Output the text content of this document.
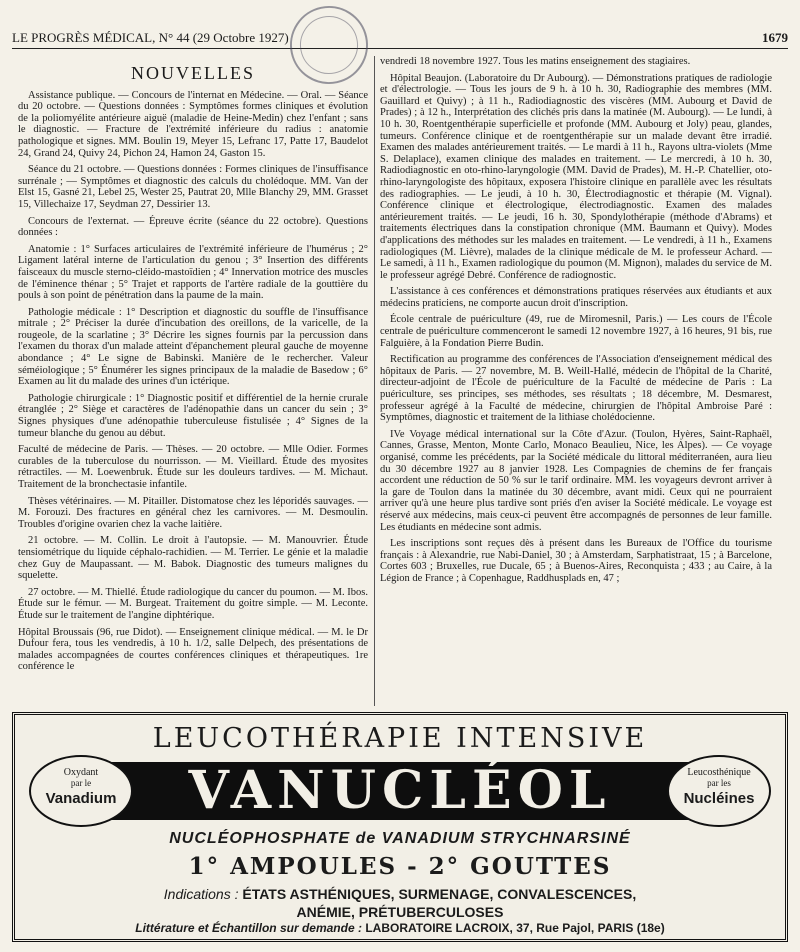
LE PROGRÈS MÉDICAL, N° 44 (29 Octobre 1927)	1679
NOUVELLES

Assistance publique. — Concours de l'internat en Médecine. — Oral. — Séance du 20 octobre. — Questions données : Symptômes formes cliniques et évolution de la poliomyélite antérieure aiguë (maladie de Heine-Medin) chez l'enfant ; sans le diagnostic. — Fracture de l'extrémité inférieure du radius : anatomie pathologique et signes. MM. Boulin 19, Meyer 15, Lefranc 17, Patte 17, Baudelot 24, Grand 24, Quivy 24, Pichon 24, Hamon 24, Gaston 15.

Séance du 21 octobre. — Questions données : Formes cliniques de l'insuffisance surrénale ; — Symptômes et diagnostic des calculs du cholédoque. MM. Van der Elst 15, Gasné 21, Lebel 25, Wester 25, Pautrat 20, Mlle Blanchy 29, MM. Grasset 15, Villechaize 17, Seydman 27, Dessirier 13.

Concours de l'externat. — Épreuve écrite (séance du 22 octobre). Questions données :

Anatomie : 1° Surfaces articulaires de l'extrémité inférieure de l'humérus ; 2° Ligament latéral interne de l'articulation du genou ; 3° Insertion des différents faisceaux du muscle sterno-cléido-mastoïdien ; 4° Innervation motrice des muscles de l'éminence thénar ; 5° Trajet et rapports de l'artère radiale de la gouttière du pouls à son point de pénétration dans la paume de la main.

Pathologie médicale : 1° Description et diagnostic du souffle de l'insuffisance mitrale ; 2° Préciser la durée d'incubation des oreillons, de la varicelle, de la rougeole, de la scarlatine ; 3° Décrire les signes fournis par la percussion dans l'examen du thorax d'un malade atteint d'épanchement pleural gauche de moyenne abondance ; 4° Le signe de Babinski. Manière de le rechercher. Valeur séméiologique ; 5° Énumérer les signes principaux de la maladie de Basedow ; 6° Examen au lit du malade des urines d'un ictérique.

Pathologie chirurgicale : 1° Diagnostic positif et différentiel de la hernie crurale étranglée ; 2° Siège et caractères de l'adénopathie dans un cancer du sein ; 3° Signes physiques d'une adénopathie tuberculeuse fistulisée ; 4° Signes de la tumeur blanche du genou au début.

Faculté de médecine de Paris. — Thèses. — 20 octobre. — Mlle Odier. Formes curables de la tuberculose du nourrisson. — M. Vieillard. Étude des myosites rétractiles. — M. Loewenbruk. Étude sur les douleurs tardives. — M. Michaut. Traitement de la bronchectasie infantile.

Thèses vétérinaires. — M. Pitailler. Distomatose chez les léporidés sauvages. — M. Forouzi. Des fractures en général chez les carnivores. — M. Desmoulin. Troubles d'origine ovarien chez la vache laitière.

21 octobre. — M. Collin. Le droit à l'autopsie. — M. Manouvrier. Étude tensiométrique du liquide céphalo-rachidien. — M. Terrier. Le génie et la maladie chez Guy de Maupassant. — M. Babok. Diagnostic des tumeurs malignes du squelette.

27 octobre. — M. Thiellé. Étude radiologique du cancer du poumon. — M. Ibos. Étude sur le fémur. — M. Burgeat. Traitement du goitre simple. — M. Leconte. Étude sur le traitement de l'angine diphtérique.

Hôpital Broussais (96, rue Didot). — Enseignement clinique médical. — M. le Dr Dufour fera, tous les vendredis, à 10 h. 1/2, salle Delpech, des présentations de malades accompagnées de courtes conférences cliniques et thérapeutiques. 1re conférence le

vendredi 18 novembre 1927. Tous les matins enseignement des stagiaires.

Hôpital Beaujon. (Laboratoire du Dr Aubourg). — Démonstrations pratiques de radiologie et d'électrologie. — Tous les jours de 9 h. à 10 h. 30, Radiographie des membres (MM. Gauillard et Quivy) ; à 11 h., Radiodiagnostic des viscères (MM. Aubourg et David de Prades) ; à 12 h., Interprétation des clichés pris dans la matinée (M. Aubourg). — Le lundi, à 10 h. 30, Roentgenthérapie superficielle et profonde (MM. Aubourg et Joly) peau, glandes, tumeurs. Conférence clinique et de roentgenthérapie sur un malade devant être irradié. Examen des malades antérieurement traités. — Le mardi à 11 h., Rayons ultra-violets (Mme S. Delaplace), examen clinique des malades en traitement. — Le mercredi, à 10 h. 30, Radiodiagnostic en oto-rhino-laryngologie (MM. David de Prades), M. H.-P. Chatellier, oto-rhino-laryngologiste des hôpitaux, exposera l'histoire clinique en parallèle avec les résultats des radiographies. — Le jeudi, à 10 h. 30, Électrodiagnostic et thérapie (M. Vignal). Conférence clinique et électrologique, électrodiagnostic. Examen des malades antérieurement traités. — Le jeudi, 16 h. 30, Spondylothérapie (méthode d'Abrams) et traitements électriques dans la constipation chronique (MM. Baumann et Quivy). Modes d'applications des méthodes sur les malades en traitement. — Le vendredi, à 11 h., Examens radiologiques (M. Lièvre), malades de la clinique médicale de M. le professeur Achard. — Le samedi, à 11 h., Examen radiologique du poumon (M. Mignon), malades du service de M. le professeur agrégé Debré. Conférence de radiognostic.

L'assistance à ces conférences et démonstrations pratiques réservées aux étudiants et aux médecins praticiens, ne comporte aucun droit d'inscription.

École centrale de puériculture (49, rue de Miromesnil, Paris.) — Les cours de l'École centrale de puériculture commenceront le samedi 12 novembre 1927, à 16 heures, 91 bis, rue Falguière, à la Fondation Pierre Budin.

Rectification au programme des conférences de l'Association d'enseignement médical des hôpitaux de Paris. — 27 novembre, M. B. Weill-Hallé, médecin de l'hôpital de la Charité, directeur-adjoint de l'École de puériculture de la Faculté de médecine de Paris : La puériculture, ses principes, ses méthodes, ses résultats ; 18 décembre, M. Desmarest, professeur agrégé à la Faculté de médecine, chirurgien de l'hôpital Ambroise Paré : Symptômes, diagnostic et traitement de la lithiase cholédocienne.

IVe Voyage médical international sur la Côte d'Azur. (Toulon, Hyères, Saint-Raphaël, Cannes, Grasse, Menton, Monte Carlo, Monaco Beaulieu, Nice, les Alpes). — Ce voyage organisé, comme les précédents, par la Société médicale du littoral méditerranéen, aura lieu du 30 décembre 1927 au 8 janvier 1928. Les Compagnies de chemins de fer français accordent une réduction de 50 % sur le tarif ordinaire. MM. les voyageurs devront arriver à la gare de Toulon dans la matinée du 30 décembre, avant midi. Ceux qui ne pourraient arriver qu'à une heure plus tardive sont priés d'en aviser la Société médicale. Le voyage est réservé aux médecins, mais ceux-ci peuvent être accompagnés de personnes de leur famille. Les étudiants en médecine sont admis.

Les inscriptions sont reçues dès à présent dans les Bureaux de l'Office du tourisme français : à Alexandrie, rue Nabi-Daniel, 30 ; à Amsterdam, Sarphatistraat, 15 ; à Barcelone, Cortes 603 ; Bruxelles, rue Ducale, 65 ; à Buenos-Aires, Reconquista ; 433 ; au Caire, à la Légion de France ; à Copenhague, Raddhusplads en, 47 ;

LEUCOTHÉRAPIE INTENSIVE
VANUCLÉOL
Oxydant
par le
Vanadium
Leucosthénique
par les
Nucléines
NUCLÉOPHOSPHATE de VANADIUM STRYCHNARSINÉ
1° AMPOULES - 2° GOUTTES
Indications : ÉTATS ASTHÉNIQUES, SURMENAGE, CONVALESCENCES,
ANÉMIE, PRÉTUBERCULOSES
Littérature et Échantillon sur demande : LABORATOIRE LACROIX, 37, Rue Pajol, PARIS (18e)
